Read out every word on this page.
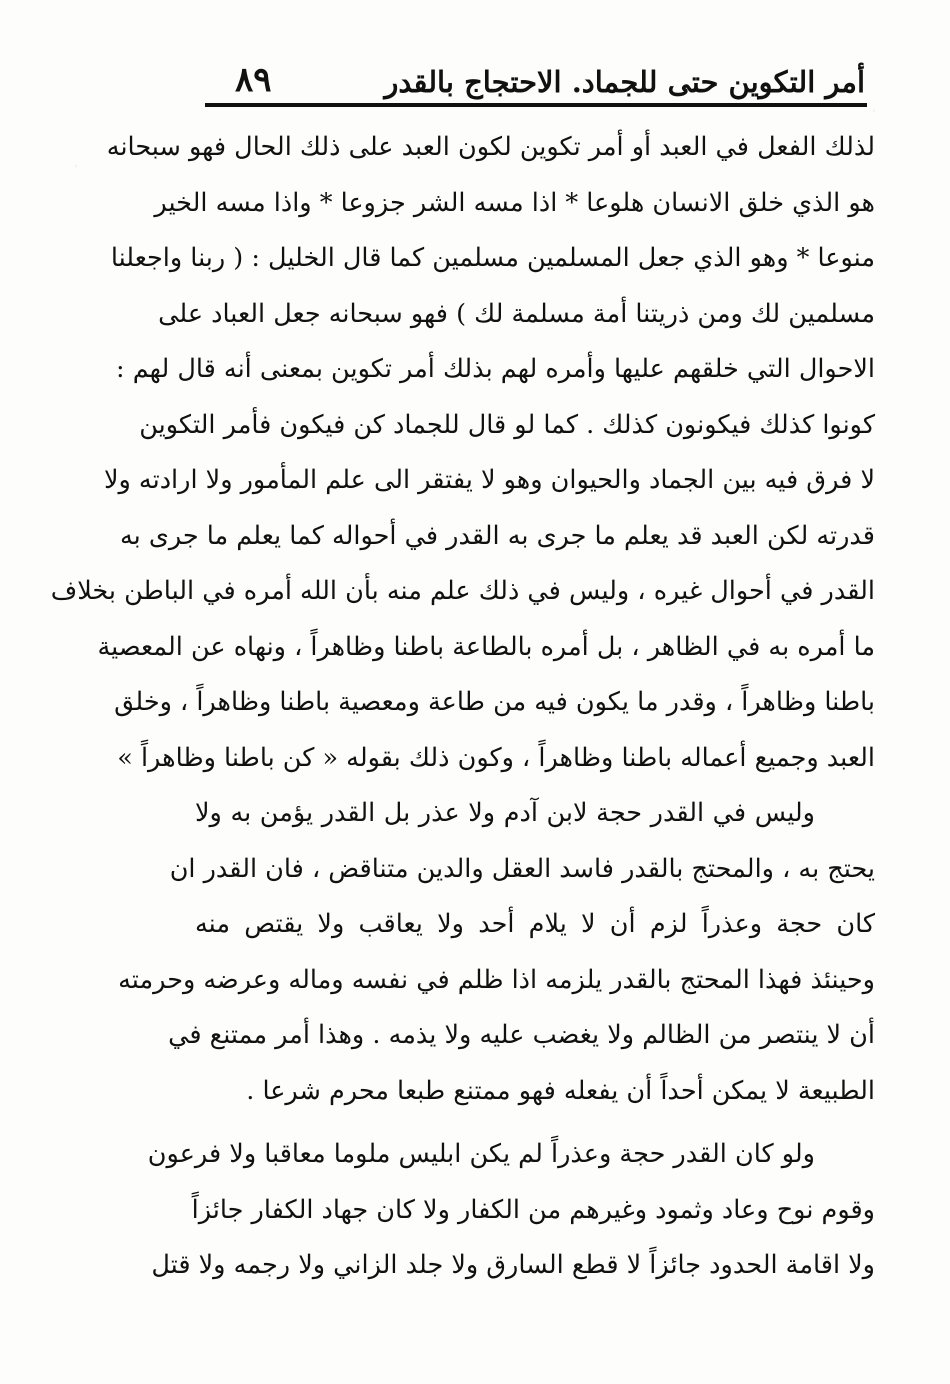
أمر التكوين حتى للجماد. الاحتجاج بالقدر
٨٩
لذلك الفعل في العبد أو أمر تكوين لكون العبد على ذلك الحال فهو سبحانه
هو الذي خلق الانسان هلوعا * اذا مسه الشر جزوعا * واذا مسه الخير
منوعا * وهو الذي جعل المسلمين مسلمين كما قال الخليل : ( ربنا واجعلنا
مسلمين لك ومن ذريتنا أمة مسلمة لك ) فهو سبحانه جعل العباد على
الاحوال التي خلقهم عليها وأمره لهم بذلك أمر تكوين بمعنى أنه قال لهم :
كونوا كذلك فيكونون كذلك . كما لو قال للجماد كن فيكون فأمر التكوين
لا فرق فيه بين الجماد والحيوان وهو لا يفتقر الى علم المأمور ولا ارادته ولا
قدرته لكن العبد قد يعلم ما جرى به القدر في أحواله كما يعلم ما جرى به
القدر في أحوال غيره ، وليس في ذلك علم منه بأن الله أمره في الباطن بخلاف
ما أمره به في الظاهر ، بل أمره بالطاعة باطنا وظاهراً ، ونهاه عن المعصية
باطنا وظاهراً ، وقدر ما يكون فيه من طاعة ومعصية باطنا وظاهراً ، وخلق
العبد وجميع أعماله باطنا وظاهراً ، وكون ذلك بقوله « كن باطنا وظاهراً »
وليس في القدر حجة لابن آدم ولا عذر بل القدر يؤمن به ولا
يحتج به ، والمحتج بالقدر فاسد العقل والدين متناقض ، فان القدر ان
كان حجة وعذراً لزم أن لا يلام أحد ولا يعاقب ولا يقتص منه
وحينئذ فهذا المحتج بالقدر يلزمه اذا ظلم في نفسه وماله وعرضه وحرمته
أن لا ينتصر من الظالم ولا يغضب عليه ولا يذمه . وهذا أمر ممتنع في
الطبيعة لا يمكن أحداً أن يفعله فهو ممتنع طبعا محرم شرعا .
ولو كان القدر حجة وعذراً لم يكن ابليس ملوما معاقبا ولا فرعون
وقوم نوح وعاد وثمود وغيرهم من الكفار ولا كان جهاد الكفار جائزاً
ولا اقامة الحدود جائزاً لا قطع السارق ولا جلد الزاني ولا رجمه ولا قتل
